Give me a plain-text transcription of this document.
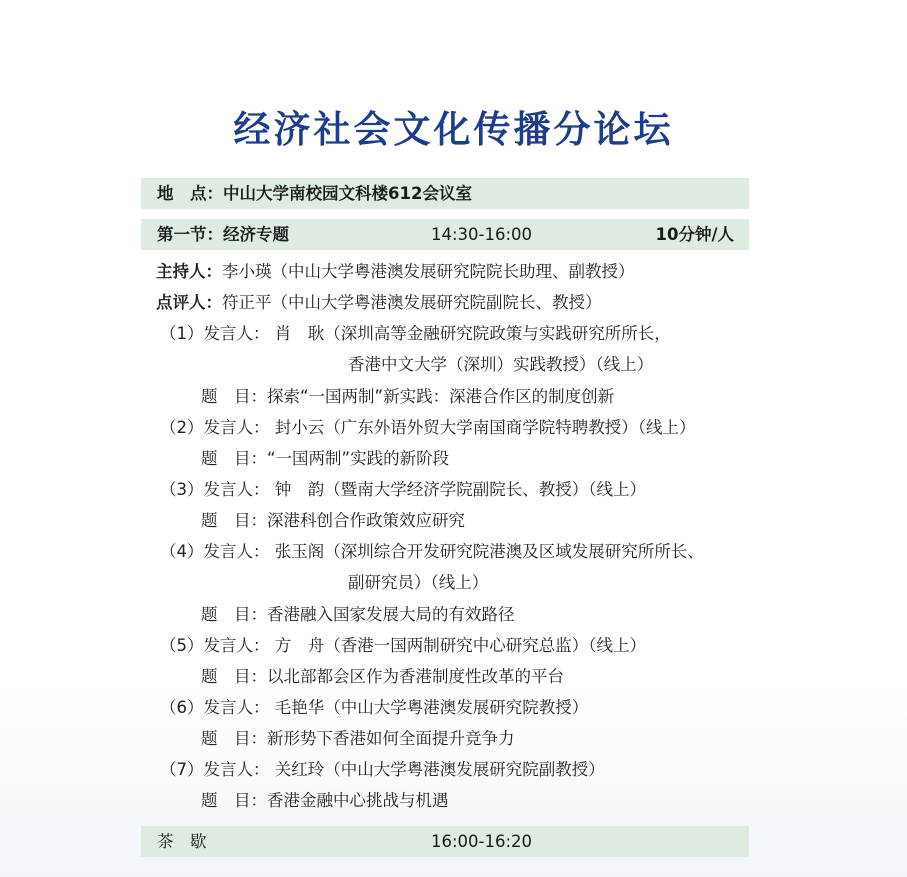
经济社会文化传播分论坛
地　点：中山大学南校园文科楼612会议室
第一节：经济专题	14:30-16:00	10分钟/人
主持人：李小瑛（中山大学粤港澳发展研究院院长助理、副教授）
点评人：符正平（中山大学粤港澳发展研究院副院长、教授）
（1）发言人： 肖　耿（深圳高等金融研究院政策与实践研究所所长，
香港中文大学（深圳）实践教授）（线上）
题　目：探索“一国两制”新实践：深港合作区的制度创新
（2）发言人： 封小云（广东外语外贸大学南国商学院特聘教授）（线上）
题　目：“一国两制”实践的新阶段
（3）发言人： 钟　韵（暨南大学经济学院副院长、教授）（线上）
题　目：深港科创合作政策效应研究
（4）发言人： 张玉阁（深圳综合开发研究院港澳及区域发展研究所所长、
副研究员）（线上）
题　目：香港融入国家发展大局的有效路径
（5）发言人： 方　舟（香港一国两制研究中心研究总监）（线上）
题　目：以北部都会区作为香港制度性改革的平台
（6）发言人： 毛艳华（中山大学粤港澳发展研究院教授）
题　目：新形势下香港如何全面提升竞争力
（7）发言人： 关红玲（中山大学粤港澳发展研究院副教授）
题　目：香港金融中心挑战与机遇
茶　歇	16:00-16:20
